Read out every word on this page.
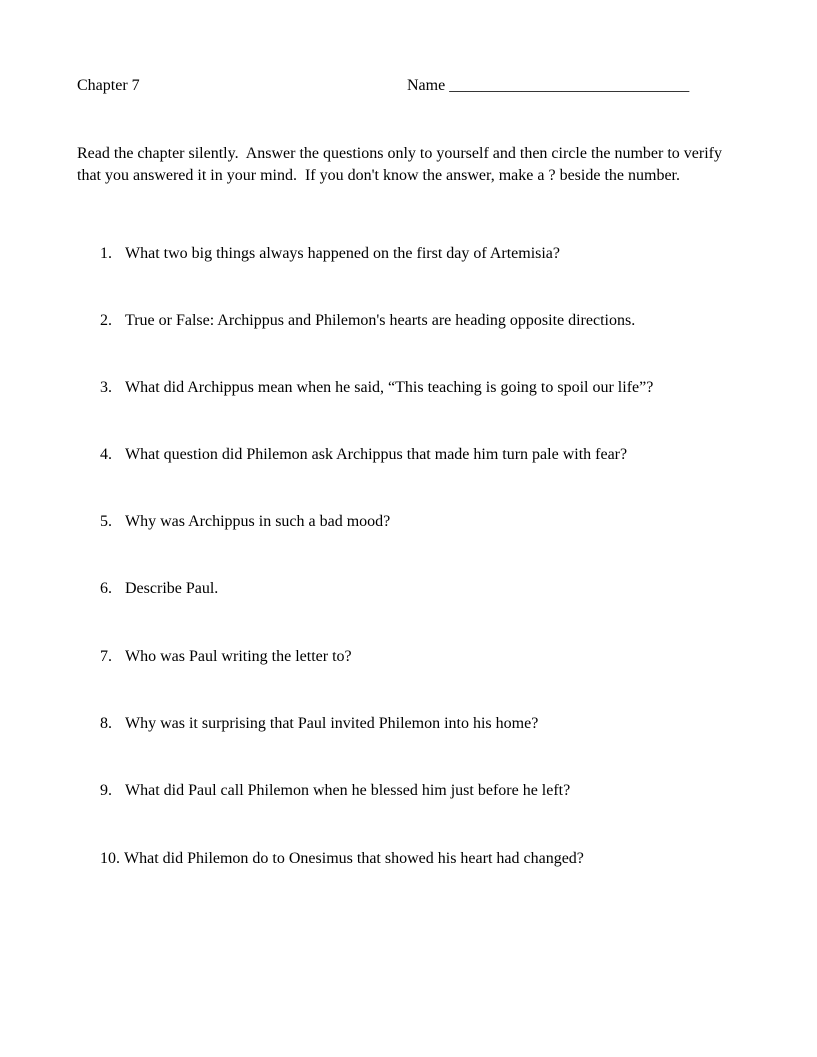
Chapter 7	Name ______________________________
Read the chapter silently.  Answer the questions only to yourself and then circle the number to verify that you answered it in your mind.  If you don't know the answer, make a ? beside the number.
1. What two big things always happened on the first day of Artemisia?
2. True or False: Archippus and Philemon's hearts are heading opposite directions.
3. What did Archippus mean when he said, “This teaching is going to spoil our life”?
4. What question did Philemon ask Archippus that made him turn pale with fear?
5. Why was Archippus in such a bad mood?
6. Describe Paul.
7. Who was Paul writing the letter to?
8. Why was it surprising that Paul invited Philemon into his home?
9. What did Paul call Philemon when he blessed him just before he left?
10. What did Philemon do to Onesimus that showed his heart had changed?
